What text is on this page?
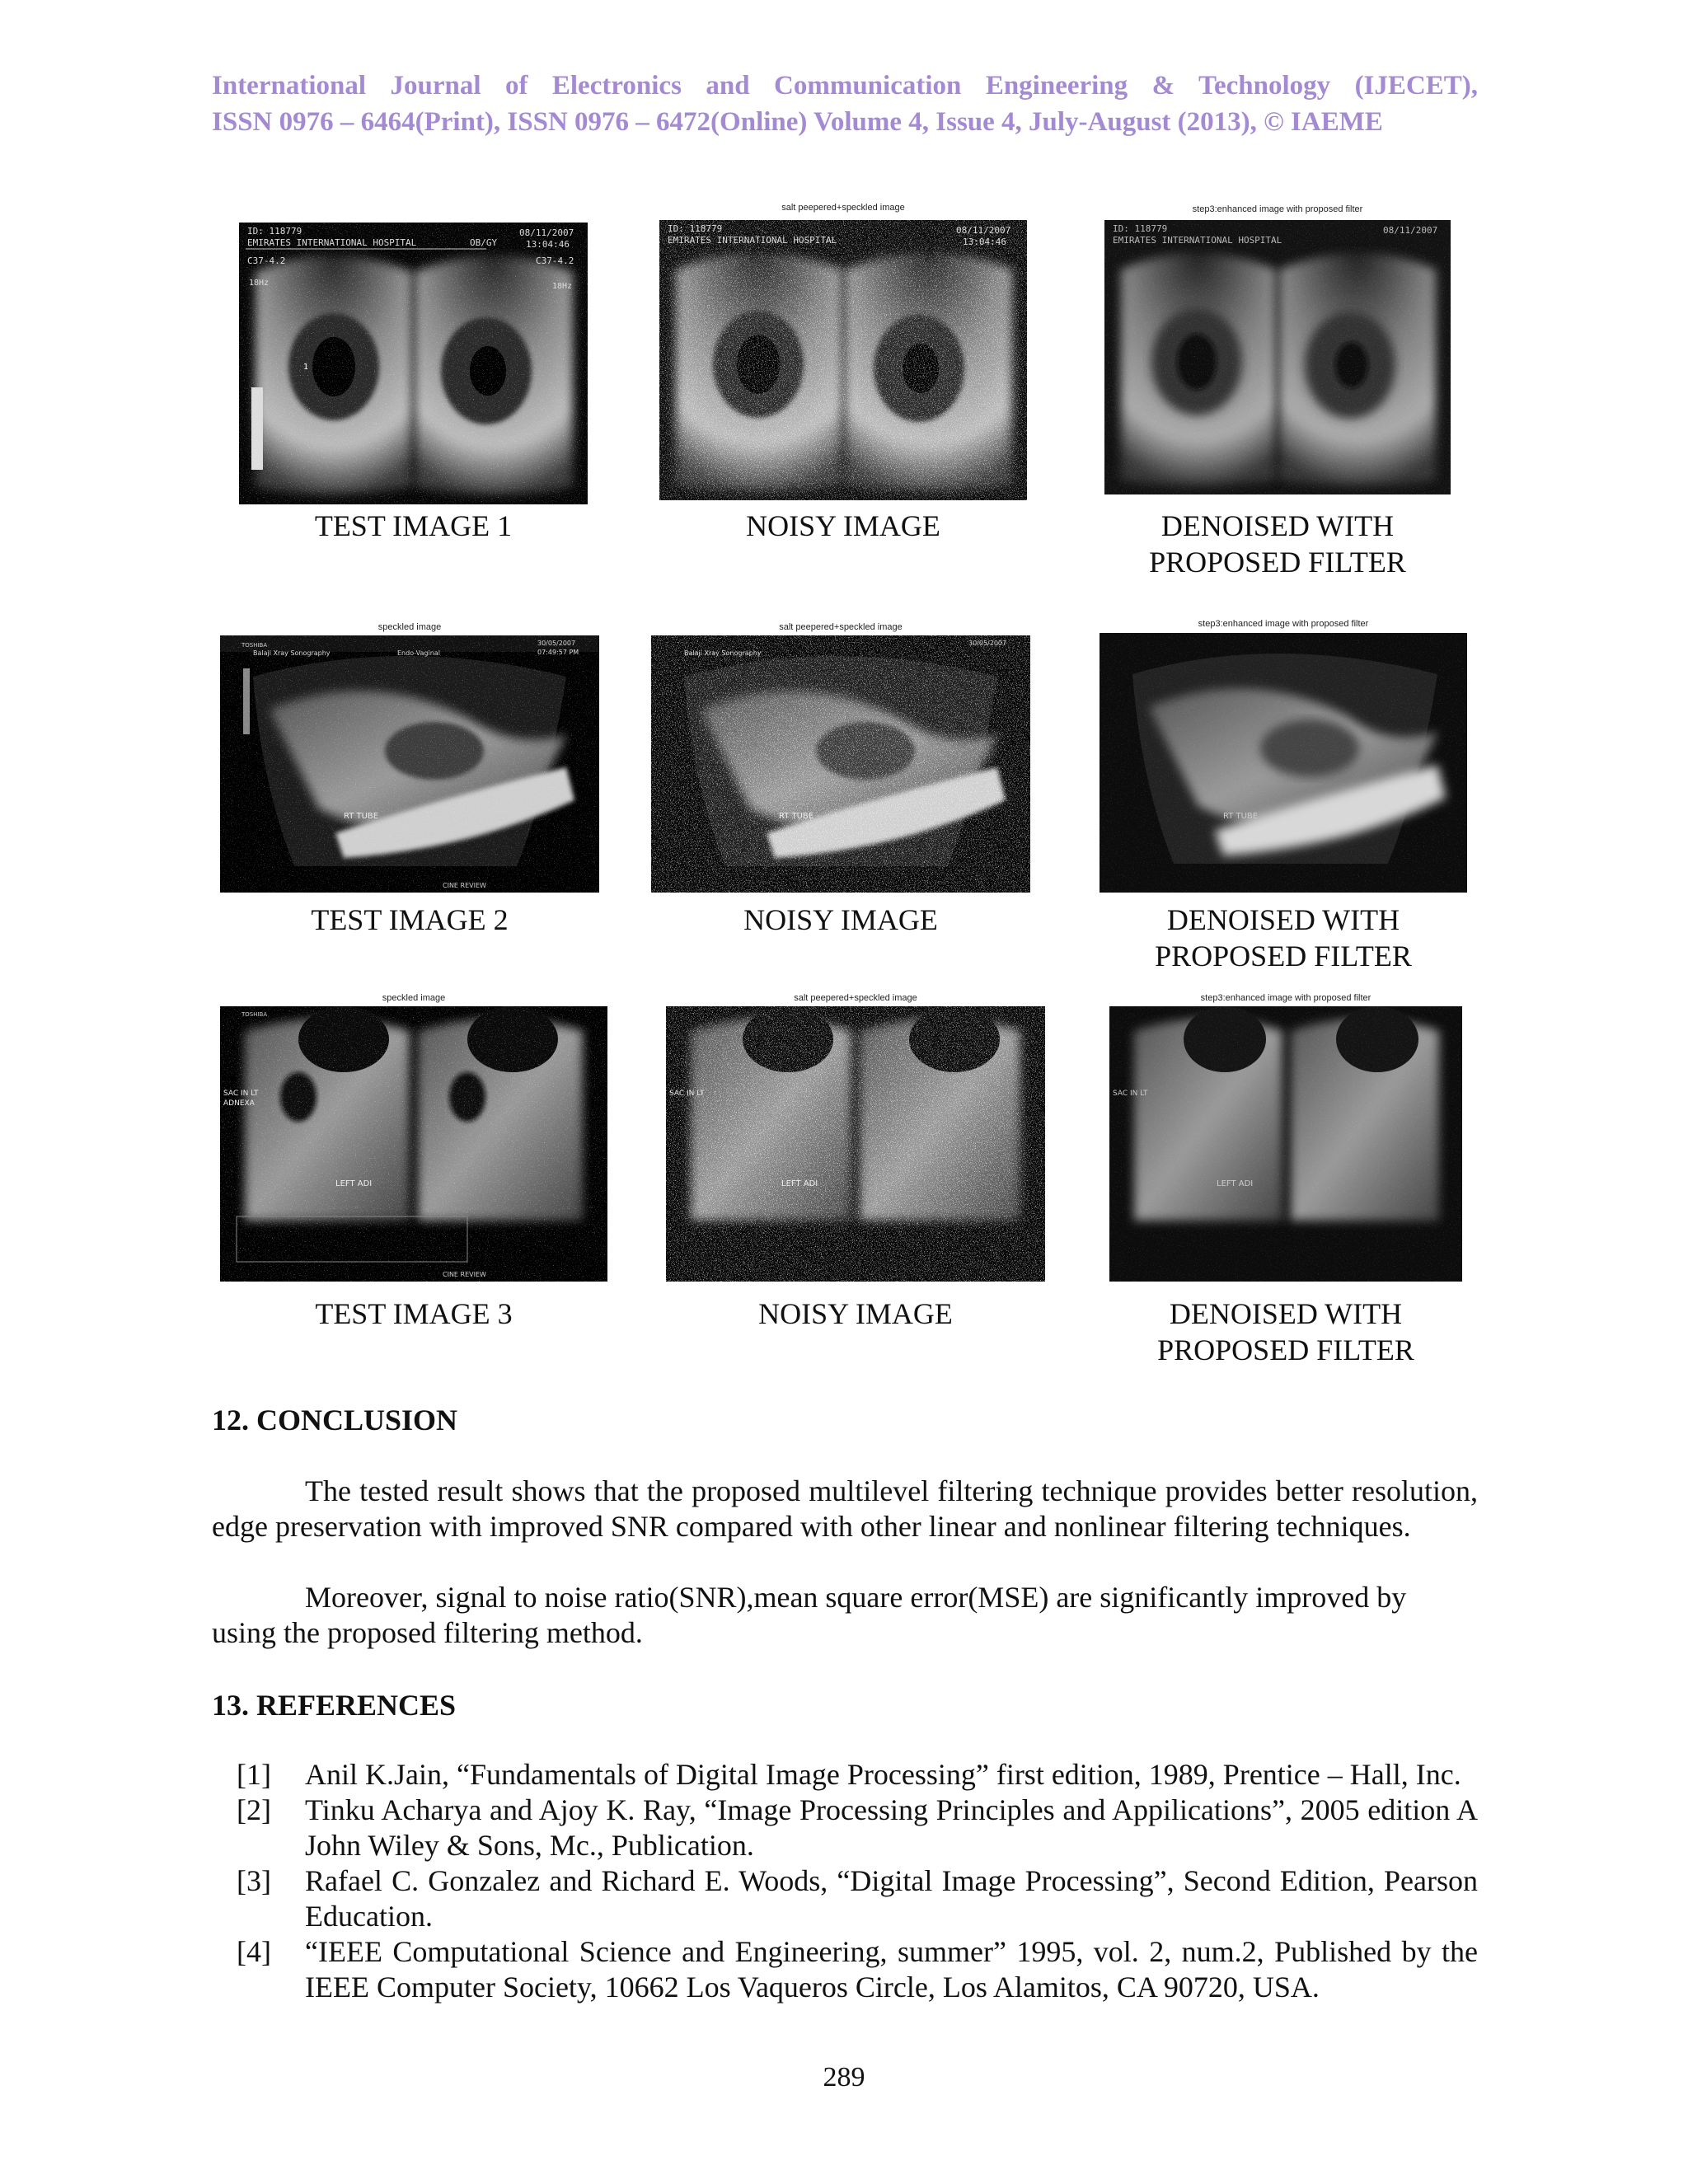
International Journal of Electronics and Communication Engineering & Technology (IJECET),
ISSN 0976 – 6464(Print), ISSN 0976 – 6472(Online) Volume 4, Issue 4, July-August (2013), © IAEME
ID: 118779
EMIRATES INTERNATIONAL HOSPITAL	OB/GY
08/11/2007
13:04:46
C37-4.2	C37-4.2
18Hz	18Hz
1
TEST IMAGE 1
salt peepered+speckled image
ID: 118779
EMIRATES INTERNATIONAL HOSPITAL
08/11/2007
13:04:46
NOISY IMAGE
step3:enhanced image with proposed filter
ID: 118779
EMIRATES INTERNATIONAL HOSPITAL
08/11/2007
DENOISED WITH
PROPOSED FILTER
speckled image
TOSHIBA
Balaji Xray Sonography	Endo-Vaginal
30/05/2007
07:49:57 PM
RT TUBE
CINE REVIEW
TEST IMAGE 2
salt peepered+speckled image
Balaji Xray Sonography
30/05/2007
RT TUBE
NOISY IMAGE
step3:enhanced image with proposed filter
RT TUBE
DENOISED WITH
PROPOSED FILTER
speckled image
TOSHIBA
SAC IN LT
ADNEXA
LEFT ADI
CINE REVIEW
TEST IMAGE 3
salt peepered+speckled image
SAC IN LT
LEFT ADI
NOISY IMAGE
step3:enhanced image with proposed filter
SAC IN LT
LEFT ADI
DENOISED WITH
PROPOSED FILTER
12. CONCLUSION
The tested result shows that the proposed multilevel filtering technique provides better resolution, edge preservation with improved SNR compared with other linear and nonlinear filtering techniques.
Moreover, signal to noise ratio(SNR),mean square error(MSE) are significantly improved by using the proposed filtering method.
13. REFERENCES
[1]	Anil K.Jain, “Fundamentals of Digital Image Processing” first edition, 1989, Prentice – Hall, Inc.
[2]	Tinku Acharya and Ajoy K. Ray, “Image Processing Principles and Appilications”, 2005 edition A John Wiley & Sons, Mc., Publication.
[3]	Rafael C. Gonzalez and Richard E. Woods, “Digital Image Processing”, Second Edition, Pearson Education.
[4]	“IEEE Computational Science and Engineering, summer” 1995, vol. 2, num.2, Published by the IEEE Computer Society, 10662 Los Vaqueros Circle, Los Alamitos, CA 90720, USA.
289
